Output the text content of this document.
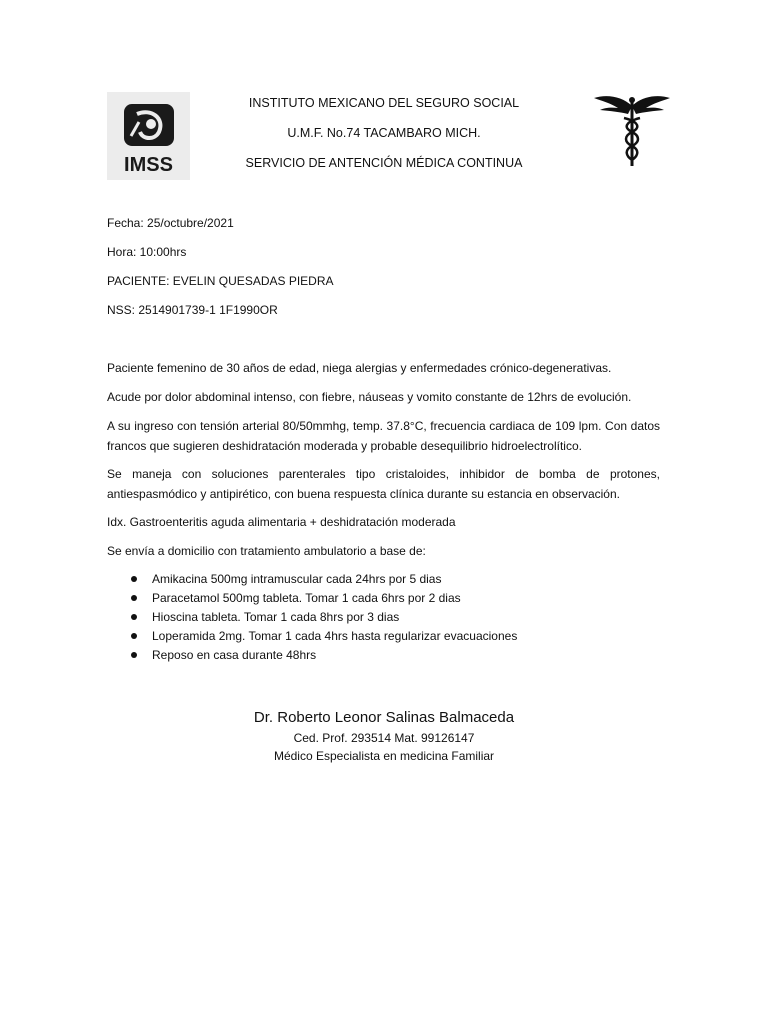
IMSS
INSTITUTO MEXICANO DEL SEGURO SOCIAL
U.M.F. No.74 TACAMBARO MICH.
SERVICIO DE ANTENCIÓN MÉDICA CONTINUA
Fecha: 25/octubre/2021
Hora: 10:00hrs
PACIENTE: EVELIN QUESADAS PIEDRA
NSS: 2514901739-1 1F1990OR

Paciente femenino de 30 años de edad, niega alergias y enfermedades crónico-degenerativas.

Acude por dolor abdominal intenso, con fiebre, náuseas y vomito constante de 12hrs de evolución.

A su ingreso con tensión arterial 80/50mmhg, temp. 37.8°C, frecuencia cardiaca de 109 lpm. Con datos francos que sugieren deshidratación moderada y probable desequilibrio hidroelectrolítico.

Se maneja con soluciones parenterales tipo cristaloides, inhibidor de bomba de protones, antiespasmódico y antipirético, con buena respuesta clínica durante su estancia en observación.

Idx. Gastroenteritis aguda alimentaria + deshidratación moderada

Se envía a domicilio con tratamiento ambulatorio a base de:

Amikacina 500mg intramuscular cada 24hrs por 5 dias
Paracetamol 500mg tableta. Tomar 1 cada 6hrs por 2 dias
Hioscina tableta. Tomar 1 cada 8hrs por 3 dias
Loperamida 2mg. Tomar 1 cada 4hrs hasta regularizar evacuaciones
Reposo en casa durante 48hrs
Dr. Roberto Leonor Salinas Balmaceda
Ced. Prof. 293514 Mat. 99126147
Médico Especialista en medicina Familiar
